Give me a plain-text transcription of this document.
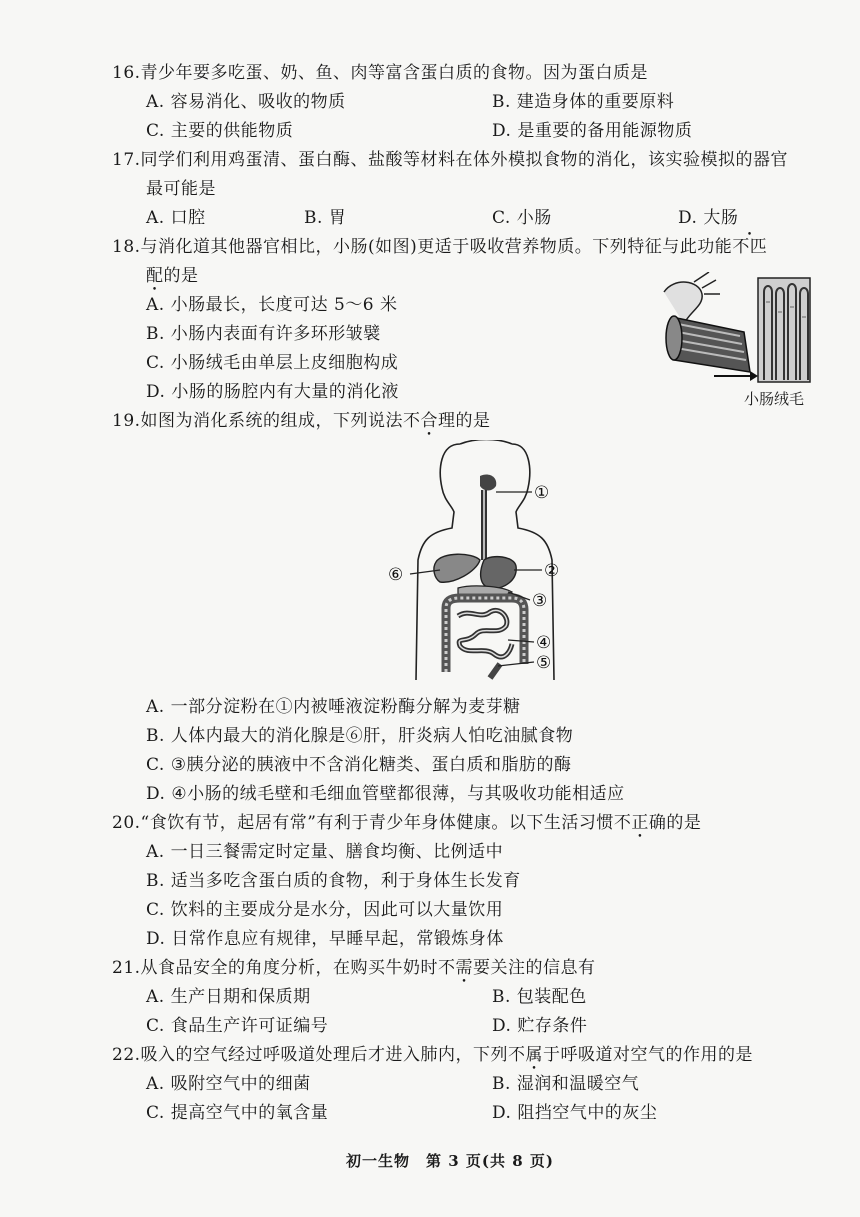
16.青少年要多吃蛋、奶、鱼、肉等富含蛋白质的食物。因为蛋白质是
A. 容易消化、吸收的物质	B. 建造身体的重要原料
C. 主要的供能物质	D. 是重要的备用能源物质
17.同学们利用鸡蛋清、蛋白酶、盐酸等材料在体外模拟食物的消化，该实验模拟的器官
最可能是
A. 口腔	B. 胃	C. 小肠	D. 大肠
18.与消化道其他器官相比，小肠(如图)更适于吸收营养物质。下列特征与此功能不匹
配的是
A. 小肠最长，长度可达 5～6 米
B. 小肠内表面有许多环形皱襞
C. 小肠绒毛由单层上皮细胞构成
D. 小肠的肠腔内有大量的消化液	小肠绒毛
19.如图为消化系统的组成，下列说法不合理的是
①
②
③
④
⑤
⑥
A. 一部分淀粉在①内被唾液淀粉酶分解为麦芽糖
B. 人体内最大的消化腺是⑥肝，肝炎病人怕吃油腻食物
C. ③胰分泌的胰液中不含消化糖类、蛋白质和脂肪的酶
D. ④小肠的绒毛壁和毛细血管壁都很薄，与其吸收功能相适应
20.“食饮有节，起居有常”有利于青少年身体健康。以下生活习惯不正确的是
A. 一日三餐需定时定量、膳食均衡、比例适中
B. 适当多吃含蛋白质的食物，利于身体生长发育
C. 饮料的主要成分是水分，因此可以大量饮用
D. 日常作息应有规律，早睡早起，常锻炼身体
21.从食品安全的角度分析，在购买牛奶时不需要关注的信息有
A. 生产日期和保质期	B. 包装配色
C. 食品生产许可证编号	D. 贮存条件
22.吸入的空气经过呼吸道处理后才进入肺内，下列不属于呼吸道对空气的作用的是
A. 吸附空气中的细菌	B. 湿润和温暖空气
C. 提高空气中的氧含量	D. 阻挡空气中的灰尘
初一生物　第 3 页(共 8 页)
